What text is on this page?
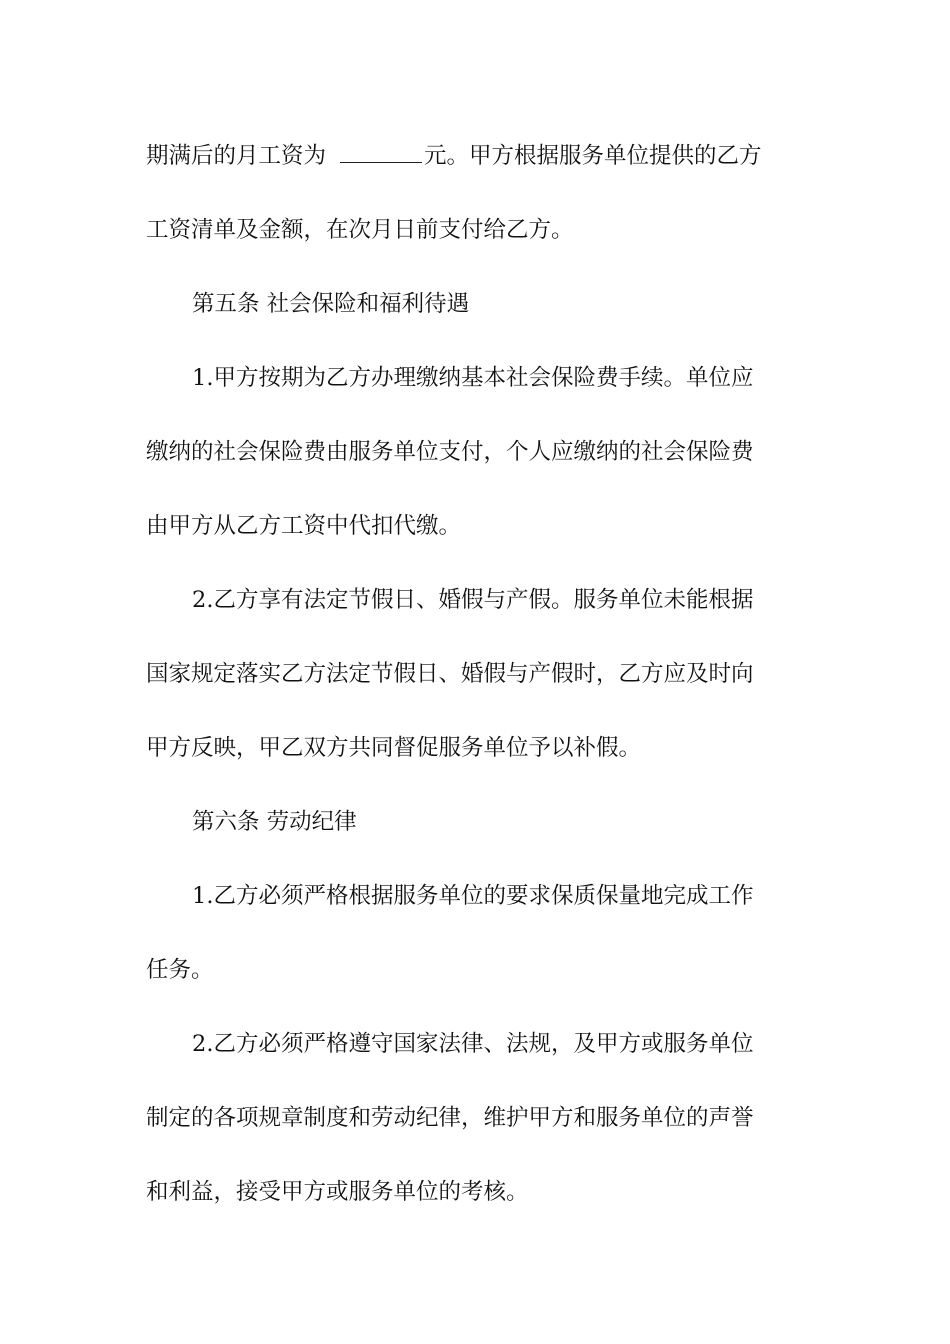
期满后的月工资为	元。甲方根据服务单位提供的乙方
工资清单及金额，在次月日前支付给乙方。
第五条 社会保险和福利待遇
1.甲方按期为乙方办理缴纳基本社会保险费手续。单位应
缴纳的社会保险费由服务单位支付，个人应缴纳的社会保险费
由甲方从乙方工资中代扣代缴。
2.乙方享有法定节假日、婚假与产假。服务单位未能根据
国家规定落实乙方法定节假日、婚假与产假时，乙方应及时向
甲方反映，甲乙双方共同督促服务单位予以补假。
第六条 劳动纪律
1.乙方必须严格根据服务单位的要求保质保量地完成工作
任务。
2.乙方必须严格遵守国家法律、法规，及甲方或服务单位
制定的各项规章制度和劳动纪律，维护甲方和服务单位的声誉
和利益，接受甲方或服务单位的考核。
